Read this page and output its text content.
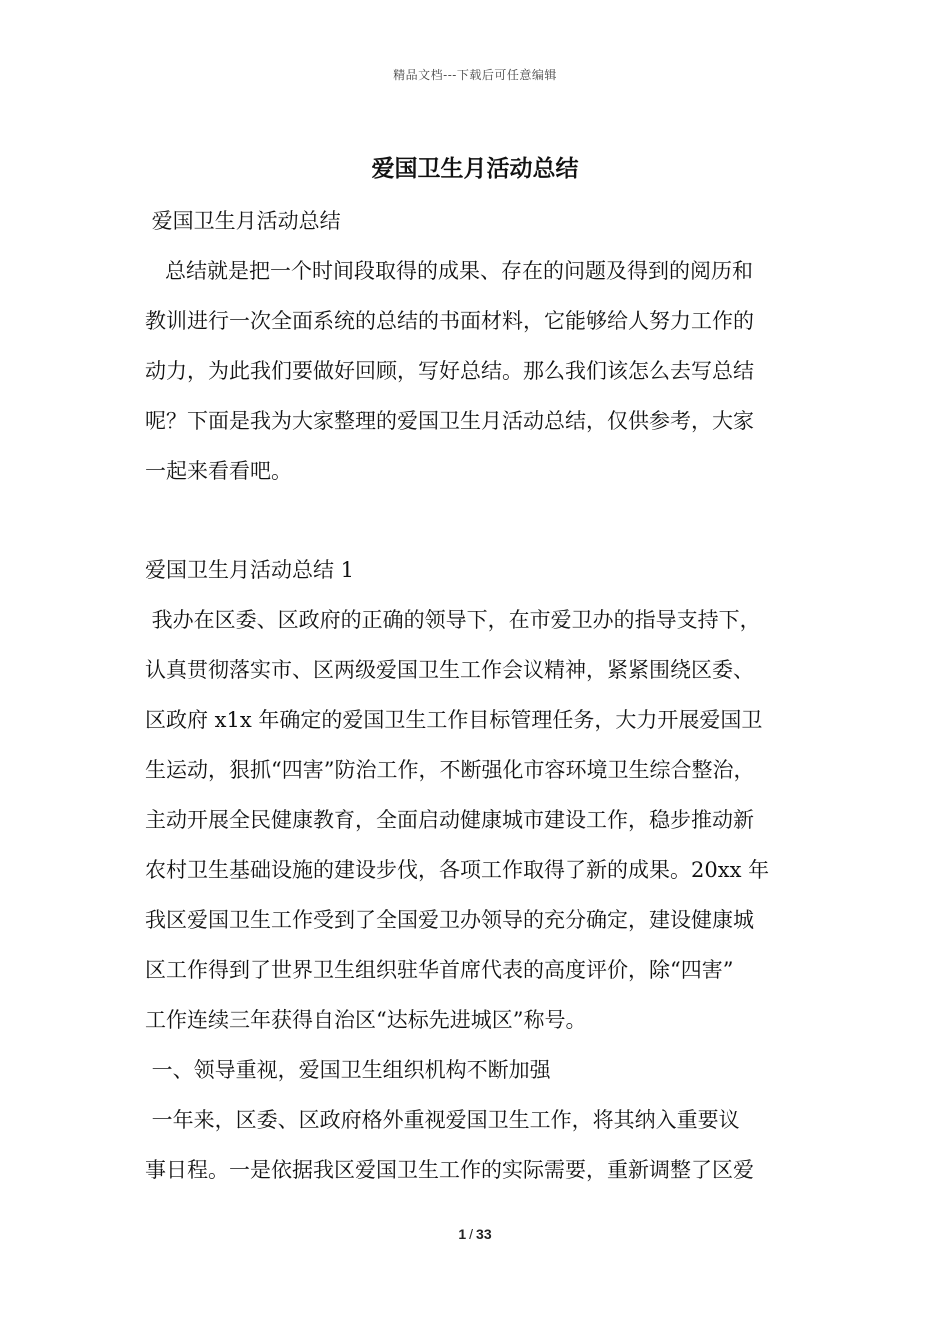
精品文档---下载后可任意编辑
爱国卫生月活动总结
爱国卫生月活动总结
总结就是把一个时间段取得的成果、存在的问题及得到的阅历和
教训进行一次全面系统的总结的书面材料，它能够给人努力工作的
动力，为此我们要做好回顾，写好总结。那么我们该怎么去写总结
呢？下面是我为大家整理的爱国卫生月活动总结，仅供参考，大家
一起来看看吧。
爱国卫生月活动总结 1
我办在区委、区政府的正确的领导下，在市爱卫办的指导支持下，
认真贯彻落实市、区两级爱国卫生工作会议精神，紧紧围绕区委、
区政府 x1x 年确定的爱国卫生工作目标管理任务，大力开展爱国卫
生运动，狠抓“四害”防治工作，不断强化市容环境卫生综合整治，
主动开展全民健康教育，全面启动健康城市建设工作，稳步推动新
农村卫生基础设施的建设步伐，各项工作取得了新的成果。20xx 年
我区爱国卫生工作受到了全国爱卫办领导的充分确定，建设健康城
区工作得到了世界卫生组织驻华首席代表的高度评价，除“四害”
工作连续三年获得自治区“达标先进城区”称号。
一、领导重视，爱国卫生组织机构不断加强
一年来，区委、区政府格外重视爱国卫生工作，将其纳入重要议
事日程。一是依据我区爱国卫生工作的实际需要，重新调整了区爱
1 / 33
